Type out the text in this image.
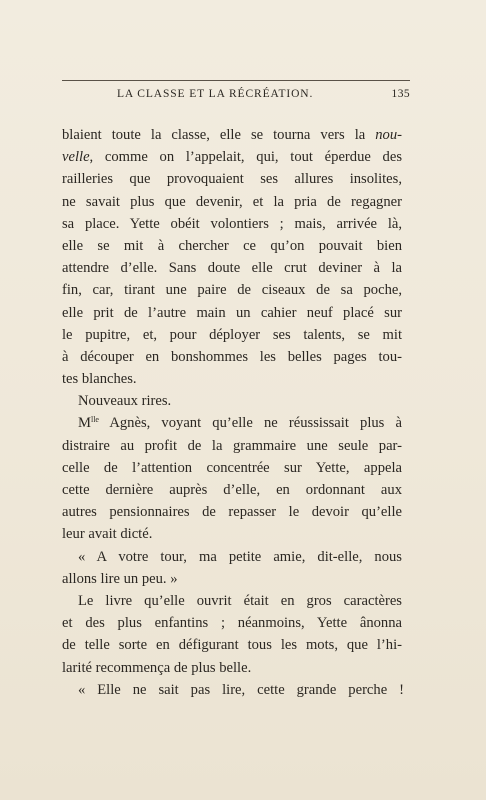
LA CLASSE ET LA RÉCRÉATION.	135
blaient toute la classe, elle se tourna vers la nou-
velle, comme on l’appelait, qui, tout éperdue des
railleries que provoquaient ses allures insolites,
ne savait plus que devenir, et la pria de regagner
sa place. Yette obéit volontiers ; mais, arrivée là,
elle se mit à chercher ce qu’on pouvait bien
attendre d’elle. Sans doute elle crut deviner à la
fin, car, tirant une paire de ciseaux de sa poche,
elle prit de l’autre main un cahier neuf placé sur
le pupitre, et, pour déployer ses talents, se mit
à découper en bonshommes les belles pages tou-
tes blanches.
Nouveaux rires.
$M^{lle}$ Agnès, voyant qu’elle ne réussissait plus à
distraire au profit de la grammaire une seule par-
celle de l’attention concentrée sur Yette, appela
cette dernière auprès d’elle, en ordonnant aux
autres pensionnaires de repasser le devoir qu’elle
leur avait dicté.
« A votre tour, ma petite amie, dit-elle, nous
allons lire un peu. »
Le livre qu’elle ouvrit était en gros caractères
et des plus enfantins ; néanmoins, Yette ânonna
de telle sorte en défigurant tous les mots, que l’hi-
larité recommença de plus belle.
« Elle ne sait pas lire, cette grande perche !
